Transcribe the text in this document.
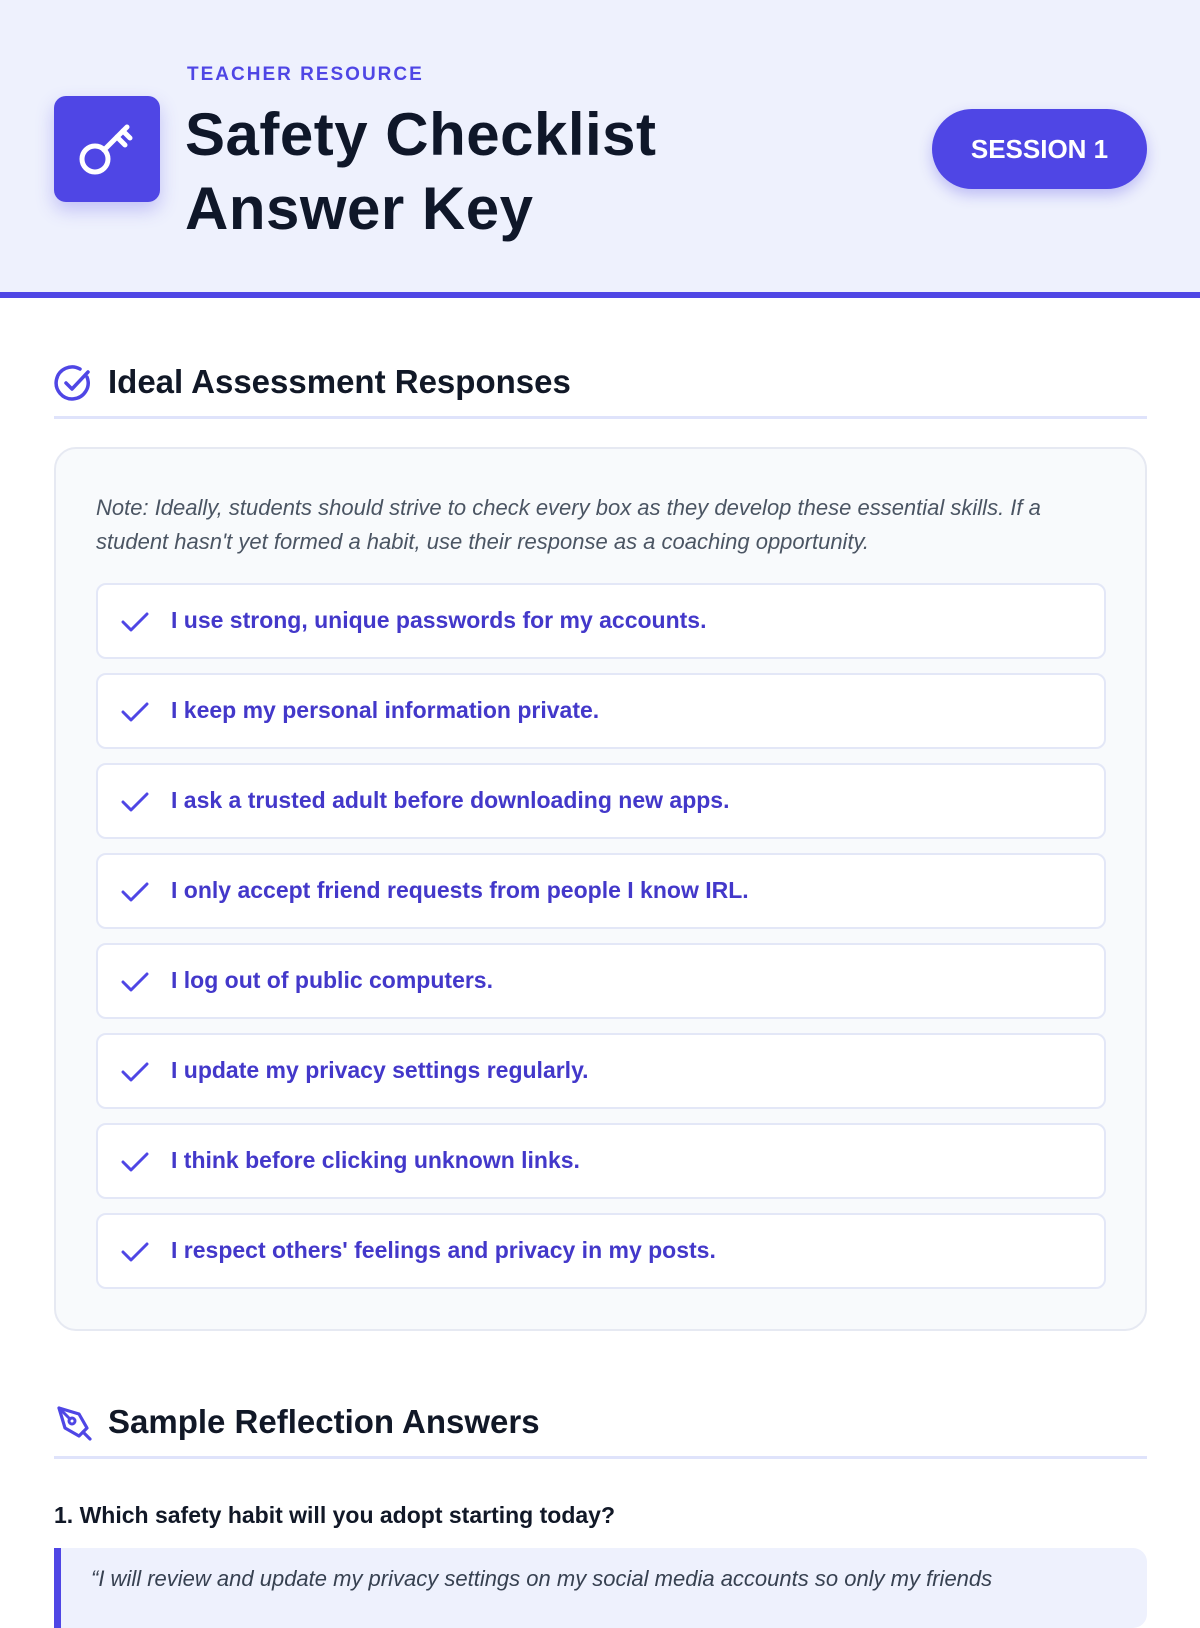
TEACHER RESOURCE
Safety Checklist Answer Key
SESSION 1
Ideal Assessment Responses
Note: Ideally, students should strive to check every box as they develop these essential skills. If a student hasn't yet formed a habit, use their response as a coaching opportunity.
I use strong, unique passwords for my accounts.
I keep my personal information private.
I ask a trusted adult before downloading new apps.
I only accept friend requests from people I know IRL.
I log out of public computers.
I update my privacy settings regularly.
I think before clicking unknown links.
I respect others' feelings and privacy in my posts.
Sample Reflection Answers
1. Which safety habit will you adopt starting today?
“I will review and update my privacy settings on my social media accounts so only my friends
